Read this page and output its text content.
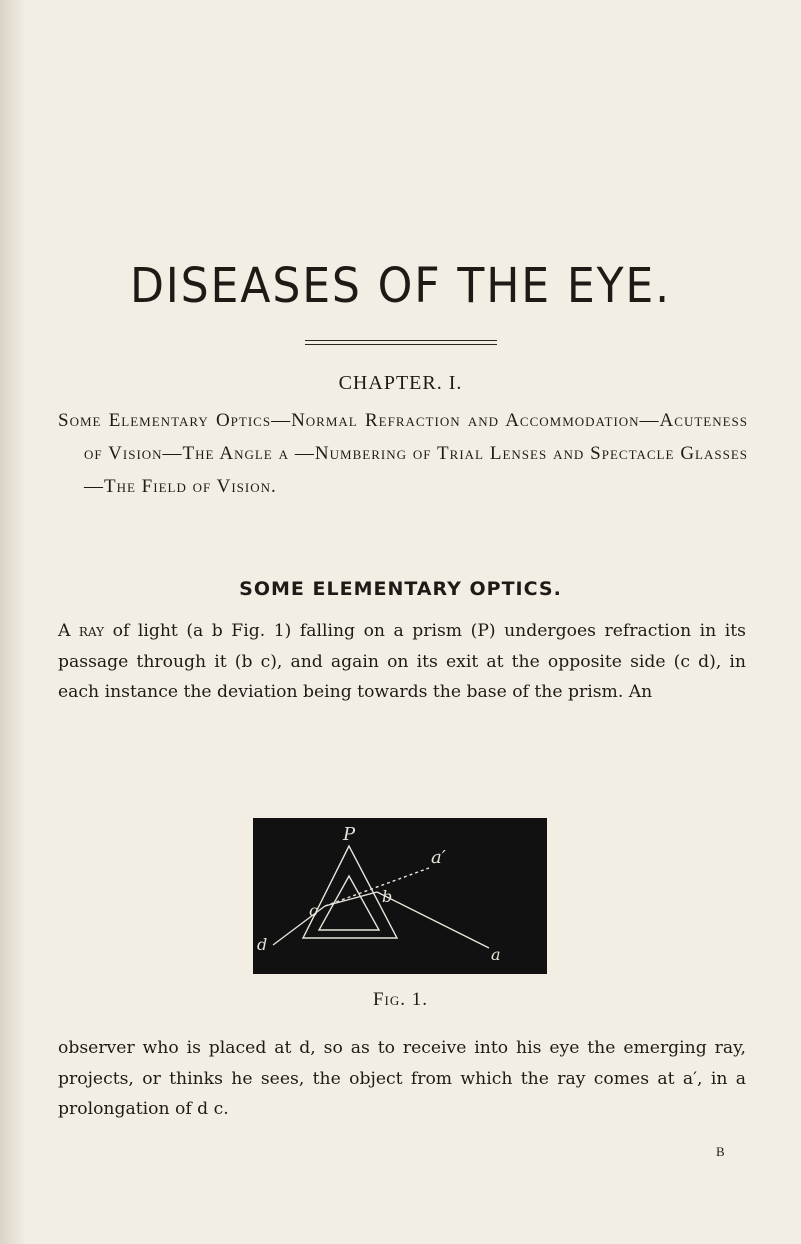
DISEASES OF THE EYE.
CHAPTER. I.
Some Elementary Optics—Normal Refraction and Accommodation—Acuteness of Vision—The Angle α —Numbering of Trial Lenses and Spectacle Glasses—The Field of Vision.
SOME ELEMENTARY OPTICS.

A ray of light (a b Fig. 1) falling on a prism (P) undergoes refraction in its passage through it (b c), and again on its exit at the opposite side (c d), in each instance the deviation being towards the base of the prism. An

P
a′
b
c
d
a
Fig. 1.

observer who is placed at d, so as to receive into his eye the emerging ray, projects, or thinks he sees, the object from which the ray comes at a′, in a prolongation of d c.

B
